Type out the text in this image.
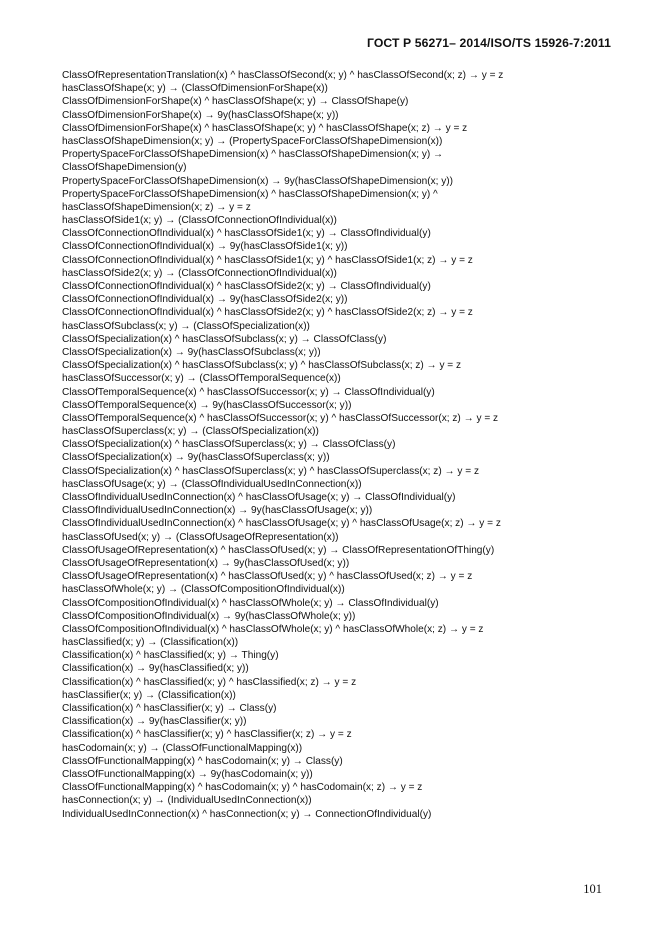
ГОСТ Р 56271– 2014/ISO/TS 15926-7:2011
ClassOfRepresentationTranslation(x) ^ hasClassOfSecond(x; y) ^ hasClassOfSecond(x; z) → y = z
hasClassOfShape(x; y) → (ClassOfDimensionForShape(x))
ClassOfDimensionForShape(x) ^ hasClassOfShape(x; y) → ClassOfShape(y)
ClassOfDimensionForShape(x) → 9y(hasClassOfShape(x; y))
ClassOfDimensionForShape(x) ^ hasClassOfShape(x; y) ^ hasClassOfShape(x; z) → y = z
hasClassOfShapeDimension(x; y) → (PropertySpaceForClassOfShapeDimension(x))
PropertySpaceForClassOfShapeDimension(x) ^ hasClassOfShapeDimension(x; y) →
ClassOfShapeDimension(y)
PropertySpaceForClassOfShapeDimension(x) → 9y(hasClassOfShapeDimension(x; y))
PropertySpaceForClassOfShapeDimension(x) ^ hasClassOfShapeDimension(x; y) ^
hasClassOfShapeDimension(x; z) → y = z
hasClassOfSide1(x; y) → (ClassOfConnectionOfIndividual(x))
ClassOfConnectionOfIndividual(x) ^ hasClassOfSide1(x; y) → ClassOfIndividual(y)
ClassOfConnectionOfIndividual(x) → 9y(hasClassOfSide1(x; y))
ClassOfConnectionOfIndividual(x) ^ hasClassOfSide1(x; y) ^ hasClassOfSide1(x; z) → y = z
hasClassOfSide2(x; y) → (ClassOfConnectionOfIndividual(x))
ClassOfConnectionOfIndividual(x) ^ hasClassOfSide2(x; y) → ClassOfIndividual(y)
ClassOfConnectionOfIndividual(x) → 9y(hasClassOfSide2(x; y))
ClassOfConnectionOfIndividual(x) ^ hasClassOfSide2(x; y) ^ hasClassOfSide2(x; z) → y = z
hasClassOfSubclass(x; y) → (ClassOfSpecialization(x))
ClassOfSpecialization(x) ^ hasClassOfSubclass(x; y) → ClassOfClass(y)
ClassOfSpecialization(x) → 9y(hasClassOfSubclass(x; y))
ClassOfSpecialization(x) ^ hasClassOfSubclass(x; y) ^ hasClassOfSubclass(x; z) → y = z
hasClassOfSuccessor(x; y) → (ClassOfTemporalSequence(x))
ClassOfTemporalSequence(x) ^ hasClassOfSuccessor(x; y) → ClassOfIndividual(y)
ClassOfTemporalSequence(x) → 9y(hasClassOfSuccessor(x; y))
ClassOfTemporalSequence(x) ^ hasClassOfSuccessor(x; y) ^ hasClassOfSuccessor(x; z) → y = z
hasClassOfSuperclass(x; y) → (ClassOfSpecialization(x))
ClassOfSpecialization(x) ^ hasClassOfSuperclass(x; y) → ClassOfClass(y)
ClassOfSpecialization(x) → 9y(hasClassOfSuperclass(x; y))
ClassOfSpecialization(x) ^ hasClassOfSuperclass(x; y) ^ hasClassOfSuperclass(x; z) → y = z
hasClassOfUsage(x; y) → (ClassOfIndividualUsedInConnection(x))
ClassOfIndividualUsedInConnection(x) ^ hasClassOfUsage(x; y) → ClassOfIndividual(y)
ClassOfIndividualUsedInConnection(x) → 9y(hasClassOfUsage(x; y))
ClassOfIndividualUsedInConnection(x) ^ hasClassOfUsage(x; y) ^ hasClassOfUsage(x; z) → y = z
hasClassOfUsed(x; y) → (ClassOfUsageOfRepresentation(x))
ClassOfUsageOfRepresentation(x) ^ hasClassOfUsed(x; y) → ClassOfRepresentationOfThing(y)
ClassOfUsageOfRepresentation(x) → 9y(hasClassOfUsed(x; y))
ClassOfUsageOfRepresentation(x) ^ hasClassOfUsed(x; y) ^ hasClassOfUsed(x; z) → y = z
hasClassOfWhole(x; y) → (ClassOfCompositionOfIndividual(x))
ClassOfCompositionOfIndividual(x) ^ hasClassOfWhole(x; y) → ClassOfIndividual(y)
ClassOfCompositionOfIndividual(x) → 9y(hasClassOfWhole(x; y))
ClassOfCompositionOfIndividual(x) ^ hasClassOfWhole(x; y) ^ hasClassOfWhole(x; z) → y = z
hasClassified(x; y) → (Classification(x))
Classification(x) ^ hasClassified(x; y) → Thing(y)
Classification(x) → 9y(hasClassified(x; y))
Classification(x) ^ hasClassified(x; y) ^ hasClassified(x; z) → y = z
hasClassifier(x; y) → (Classification(x))
Classification(x) ^ hasClassifier(x; y) → Class(y)
Classification(x) → 9y(hasClassifier(x; y))
Classification(x) ^ hasClassifier(x; y) ^ hasClassifier(x; z) → y = z
hasCodomain(x; y) → (ClassOfFunctionalMapping(x))
ClassOfFunctionalMapping(x) ^ hasCodomain(x; y) → Class(y)
ClassOfFunctionalMapping(x) → 9y(hasCodomain(x; y))
ClassOfFunctionalMapping(x) ^ hasCodomain(x; y) ^ hasCodomain(x; z) → y = z
hasConnection(x; y) → (IndividualUsedInConnection(x))
IndividualUsedInConnection(x) ^ hasConnection(x; y) → ConnectionOfIndividual(y)
101
